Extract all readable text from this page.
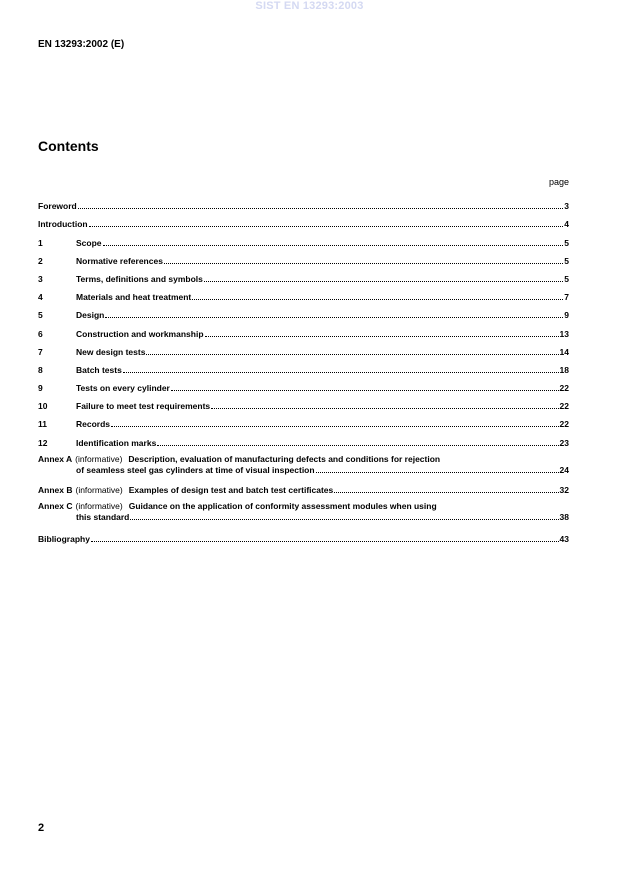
SIST EN 13293:2003
EN 13293:2002 (E)
Contents
page
Foreword	3
Introduction	4
1	Scope	5
2	Normative references	5
3	Terms, definitions and symbols	5
4	Materials and heat treatment	7
5	Design	9
6	Construction and workmanship	13
7	New design tests	14
8	Batch tests	18
9	Tests on every cylinder	22
10	Failure to meet test requirements	22
11	Records	22
12	Identification marks	23
Annex A (informative) Description, evaluation of manufacturing defects and conditions for rejection
of seamless steel gas cylinders at time of visual inspection	24
Annex B (informative) Examples of design test and batch test certificates	32
Annex C (informative) Guidance on the application of conformity assessment modules when using
this standard	38
Bibliography	43
2
